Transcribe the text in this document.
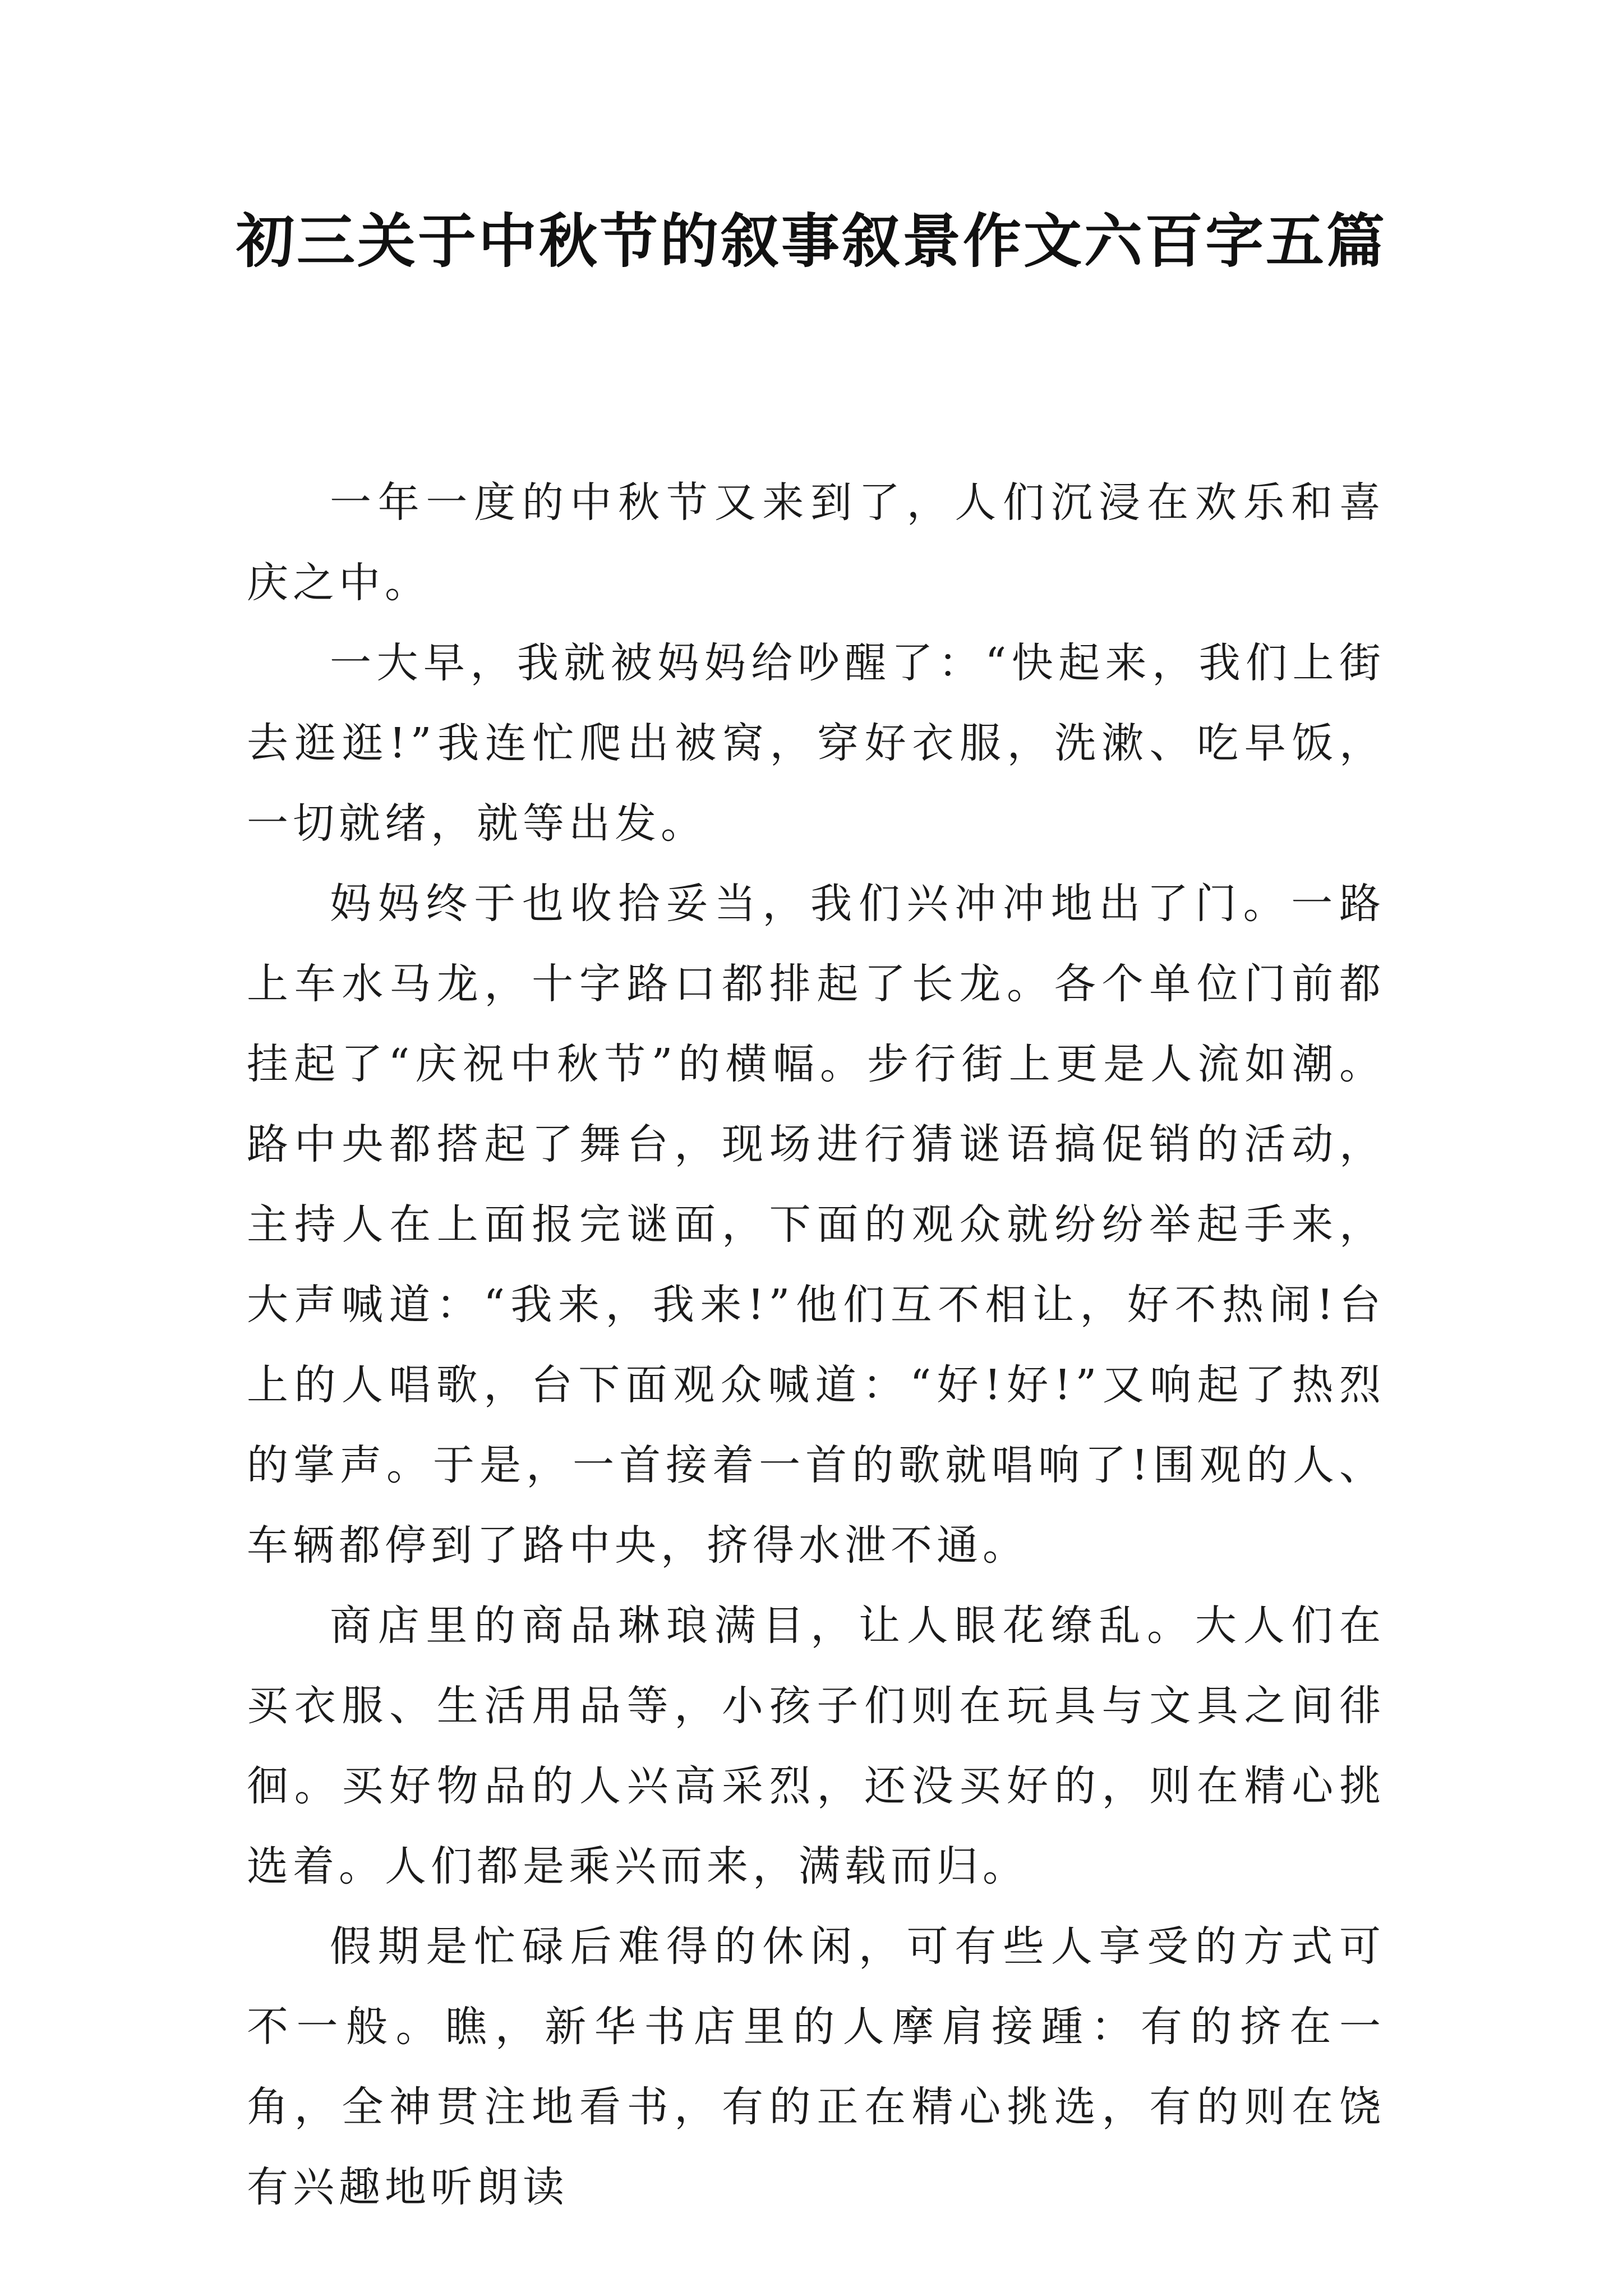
初三关于中秋节的叙事叙景作文六百字五篇

一年一度的中秋节又来到了，人们沉浸在欢乐和喜庆之中。

一大早，我就被妈妈给吵醒了：“快起来，我们上街去逛逛!”我连忙爬出被窝，穿好衣服，洗漱、吃早饭，一切就绪，就等出发。

妈妈终于也收拾妥当，我们兴冲冲地出了门。一路上车水马龙，十字路口都排起了长龙。各个单位门前都挂起了“庆祝中秋节”的横幅。步行街上更是人流如潮。路中央都搭起了舞台，现场进行猜谜语搞促销的活动，主持人在上面报完谜面，下面的观众就纷纷举起手来，大声喊道：“我来，我来!”他们互不相让，好不热闹!台上的人唱歌，台下面观众喊道：“好!好!”又响起了热烈的掌声。于是，一首接着一首的歌就唱响了!围观的人、车辆都停到了路中央，挤得水泄不通。

商店里的商品琳琅满目，让人眼花缭乱。大人们在买衣服、生活用品等，小孩子们则在玩具与文具之间徘徊。买好物品的人兴高采烈，还没买好的，则在精心挑选着。人们都是乘兴而来，满载而归。

假期是忙碌后难得的休闲，可有些人享受的方式可不一般。瞧，新华书店里的人摩肩接踵：有的挤在一角，全神贯注地看书，有的正在精心挑选，有的则在饶有兴趣地听朗读
